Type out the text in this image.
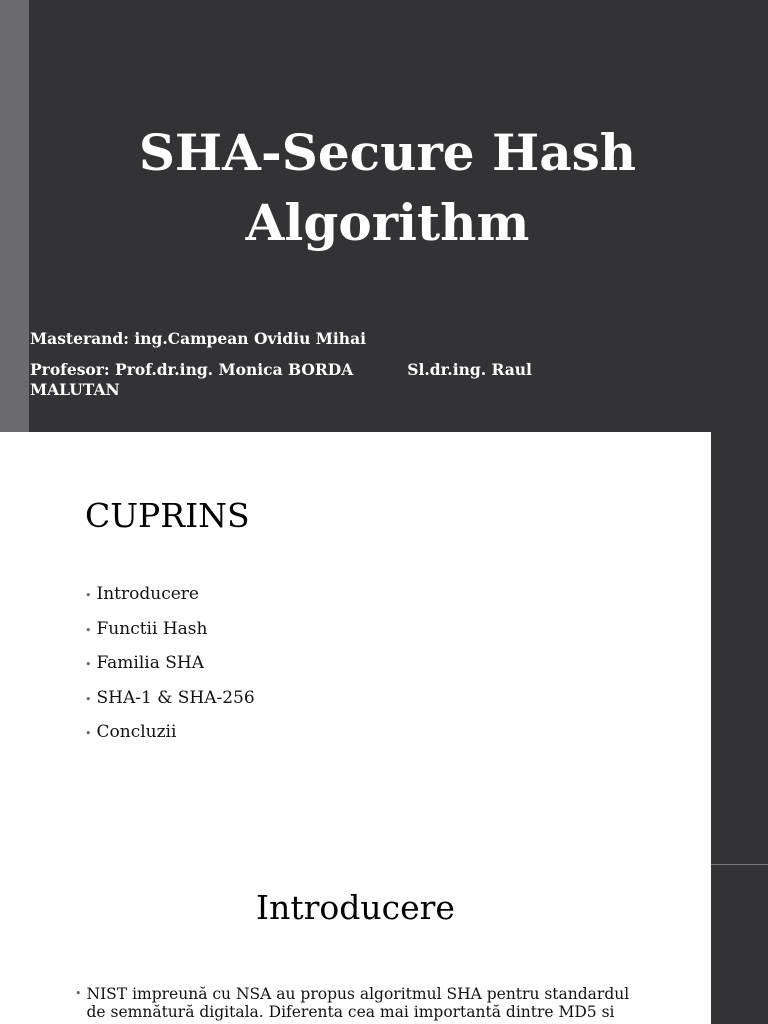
SHA-Secure Hash
Algorithm
Masterand: ing.Campean Ovidiu Mihai
Profesor: Prof.dr.ing. Monica BORDA	Sl.dr.ing. Raul
MALUTAN
CUPRINS
• Introducere
• Functii Hash
• Familia SHA
• SHA-1 & SHA-256
• Concluzii
Introducere
• NIST impreună cu NSA au propus algoritmul SHA pentru standardul
de semnătură digitala. Diferenta cea mai importantă dintre MD5 si
